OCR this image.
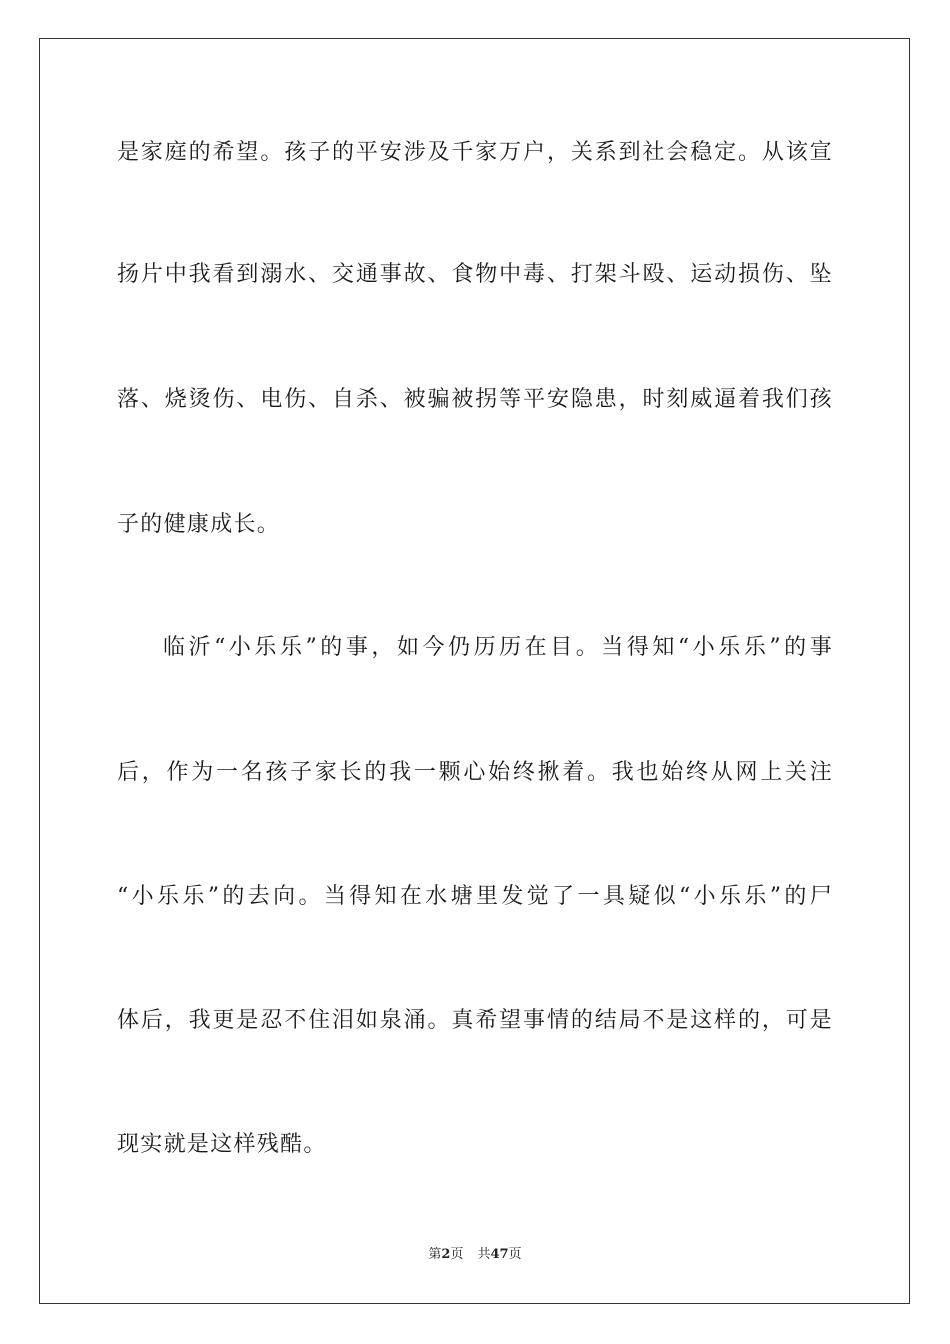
是家庭的希望。孩子的平安涉及千家万户，关系到社会稳定。从该宣
扬片中我看到溺水、交通事故、食物中毒、打架斗殴、运动损伤、坠
落、烧烫伤、电伤、自杀、被骗被拐等平安隐患，时刻威逼着我们孩
子的健康成长。
临沂“小乐乐”的事，如今仍历历在目。当得知“小乐乐”的事
后，作为一名孩子家长的我一颗心始终揪着。我也始终从网上关注
“小乐乐”的去向。当得知在水塘里发觉了一具疑似“小乐乐”的尸
体后，我更是忍不住泪如泉涌。真希望事情的结局不是这样的，可是
现实就是这样残酷。
第2页 共47页
